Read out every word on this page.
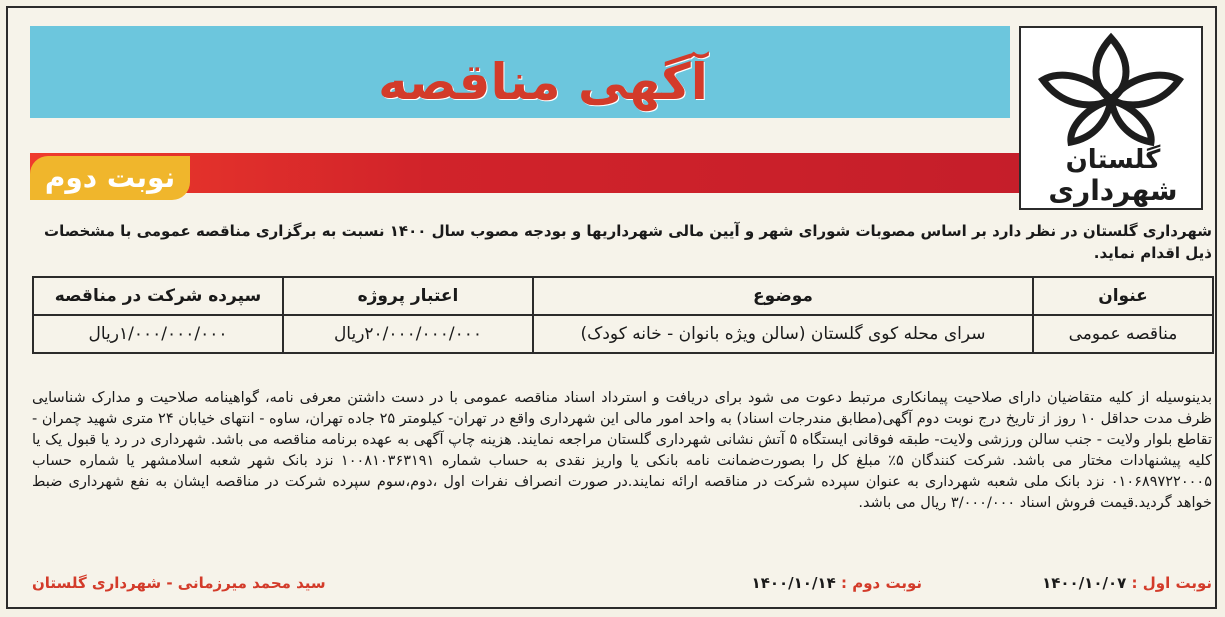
آگهی مناقصه
نوبت دوم
گلستان
شهرداری
شهرداری گلستان در نظر دارد بر اساس مصوبات شورای شهر و آیین مالی شهرداریها و بودجه مصوب سال ۱۴۰۰ نسبت به برگزاری مناقصه عمومی با مشخصات ذیل اقدام نماید.
عنوان	موضوع	اعتبار پروژه	سپرده شرکت در مناقصه
مناقصه عمومی	سرای محله کوی گلستان (سالن ویژه بانوان - خانه کودک)	۲۰/۰۰۰/۰۰۰/۰۰۰ریال	۱/۰۰۰/۰۰۰/۰۰۰ریال
بدینوسیله از کلیه متقاضیان دارای صلاحیت پیمانکاری مرتبط دعوت می شود برای دریافت و استرداد اسناد مناقصه عمومی با در دست داشتن معرفی نامه، گواهینامه صلاحیت و مدارک شناسایی ظرف مدت حداقل ۱۰ روز از تاریخ درج نوبت دوم آگهی(مطابق مندرجات اسناد) به واحد امور مالی این شهرداری واقع در تهران- کیلومتر ۲۵ جاده تهران، ساوه - انتهای خیابان ۲۴ متری شهید چمران - تقاطع بلوار ولایت - جنب سالن ورزشی ولایت- طبقه فوقانی ایستگاه ۵ آتش نشانی شهرداری گلستان مراجعه نمایند. هزینه چاپ آگهی به عهده برنامه مناقصه می باشد. شهرداری در رد یا قبول یک یا کلیه پیشنهادات مختار می باشد. شرکت کنندگان ۵٪ مبلغ کل را بصورت‌ضمانت نامه بانکی یا واریز نقدی به حساب شماره ۱۰۰۸۱۰۳۶۳۱۹۱ نزد بانک شهر شعبه اسلامشهر یا شماره حساب ۰۱۰۶۸۹۷۲۲۰۰۰۵ نزد بانک ملی شعبه شهرداری به عنوان سپرده شرکت در مناقصه ارائه نمایند.در صورت انصراف نفرات اول ،دوم،سوم سپرده شرکت در مناقصه ایشان به نفع شهرداری ضبط خواهد گردید.قیمت فروش اسناد ۳/۰۰۰/۰۰۰ ریال می باشد.
نوبت اول : ۱۴۰۰/۱۰/۰۷
نوبت دوم : ۱۴۰۰/۱۰/۱۴
سید محمد میرزمانی - شهرداری گلستان
